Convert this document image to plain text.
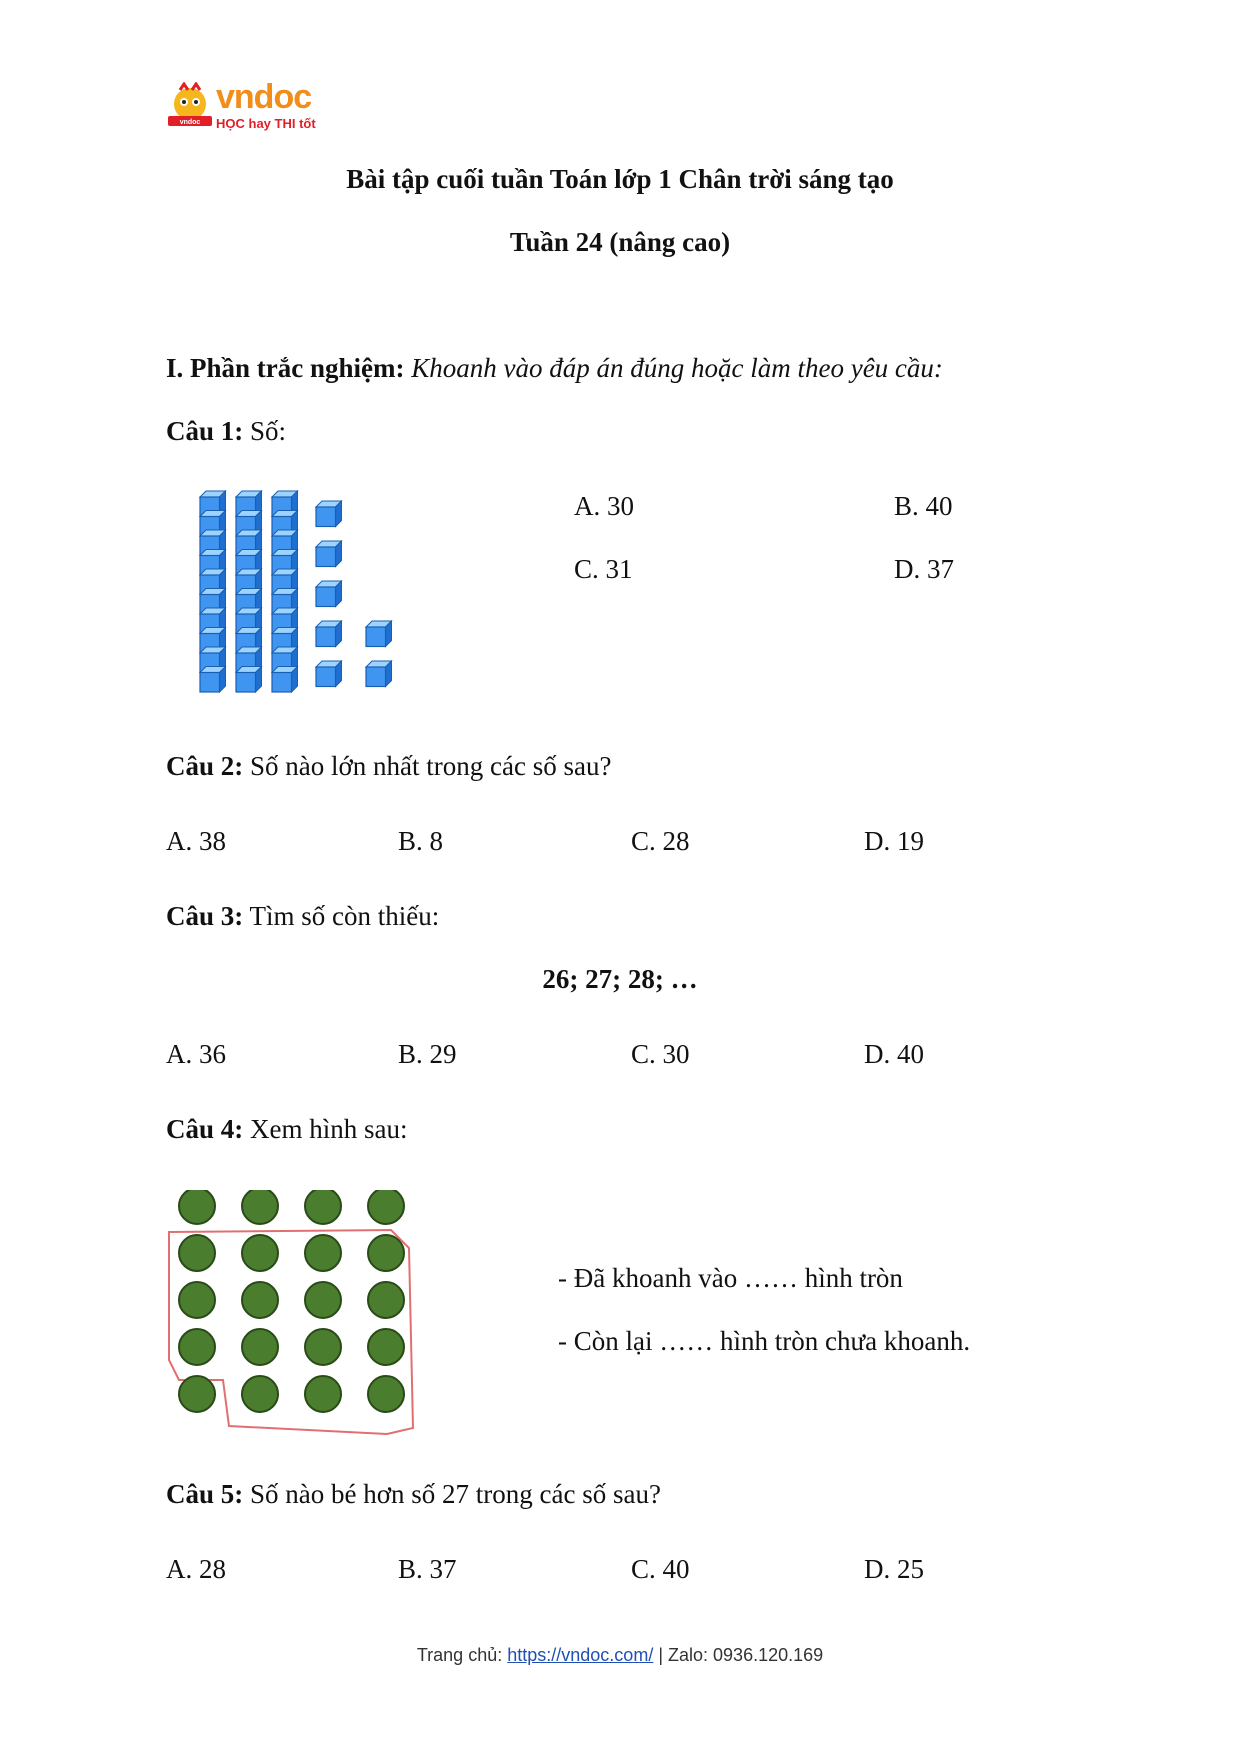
vndoc
vndoc
HỌC hay THI tốt
Bài tập cuối tuần Toán lớp 1 Chân trời sáng tạo
Tuần 24 (nâng cao)
I. Phần trắc nghiệm: Khoanh vào đáp án đúng hoặc làm theo yêu cầu:
Câu 1: Số:
A. 30	B. 40
C. 31	D. 37
Câu 2: Số nào lớn nhất trong các số sau?
A. 38	B. 8	C. 28	D. 19
Câu 3: Tìm số còn thiếu:
26; 27; 28; …
A. 36	B. 29	C. 30	D. 40
Câu 4: Xem hình sau:
- Đã khoanh vào …… hình tròn
- Còn lại …… hình tròn chưa khoanh.
Câu 5: Số nào bé hơn số 27 trong các số sau?
A. 28	B. 37	C. 40	D. 25
Trang chủ: https://vndoc.com/ | Zalo: 0936.120.169
